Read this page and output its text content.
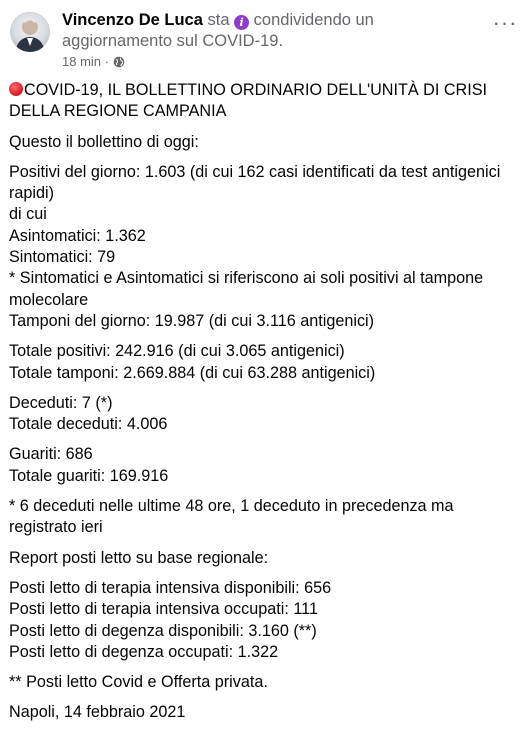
Vincenzo De Luca sta i condividendo un aggiornamento sul COVID-19.
18 min ·
···

COVID-19, IL BOLLETTINO ORDINARIO DELL'UNITÀ DI CRISI DELLA REGIONE CAMPANIA

Questo il bollettino di oggi:

Positivi del giorno: 1.603 (di cui 162 casi identificati da test antigenici rapidi)
di cui
Asintomatici: 1.362
Sintomatici: 79
* Sintomatici e Asintomatici si riferiscono ai soli positivi al tampone molecolare
Tamponi del giorno: 19.987 (di cui 3.116 antigenici)

Totale positivi: 242.916 (di cui 3.065 antigenici)
Totale tamponi: 2.669.884 (di cui 63.288 antigenici)

Deceduti: 7 (*)
Totale deceduti: 4.006

Guariti: 686
Totale guariti: 169.916

* 6 deceduti nelle ultime 48 ore, 1 deceduto in precedenza ma registrato ieri

Report posti letto su base regionale:

Posti letto di terapia intensiva disponibili: 656
Posti letto di terapia intensiva occupati: 111
Posti letto di degenza disponibili: 3.160 (**)
Posti letto di degenza occupati: 1.322

** Posti letto Covid e Offerta privata.

Napoli, 14 febbraio 2021
